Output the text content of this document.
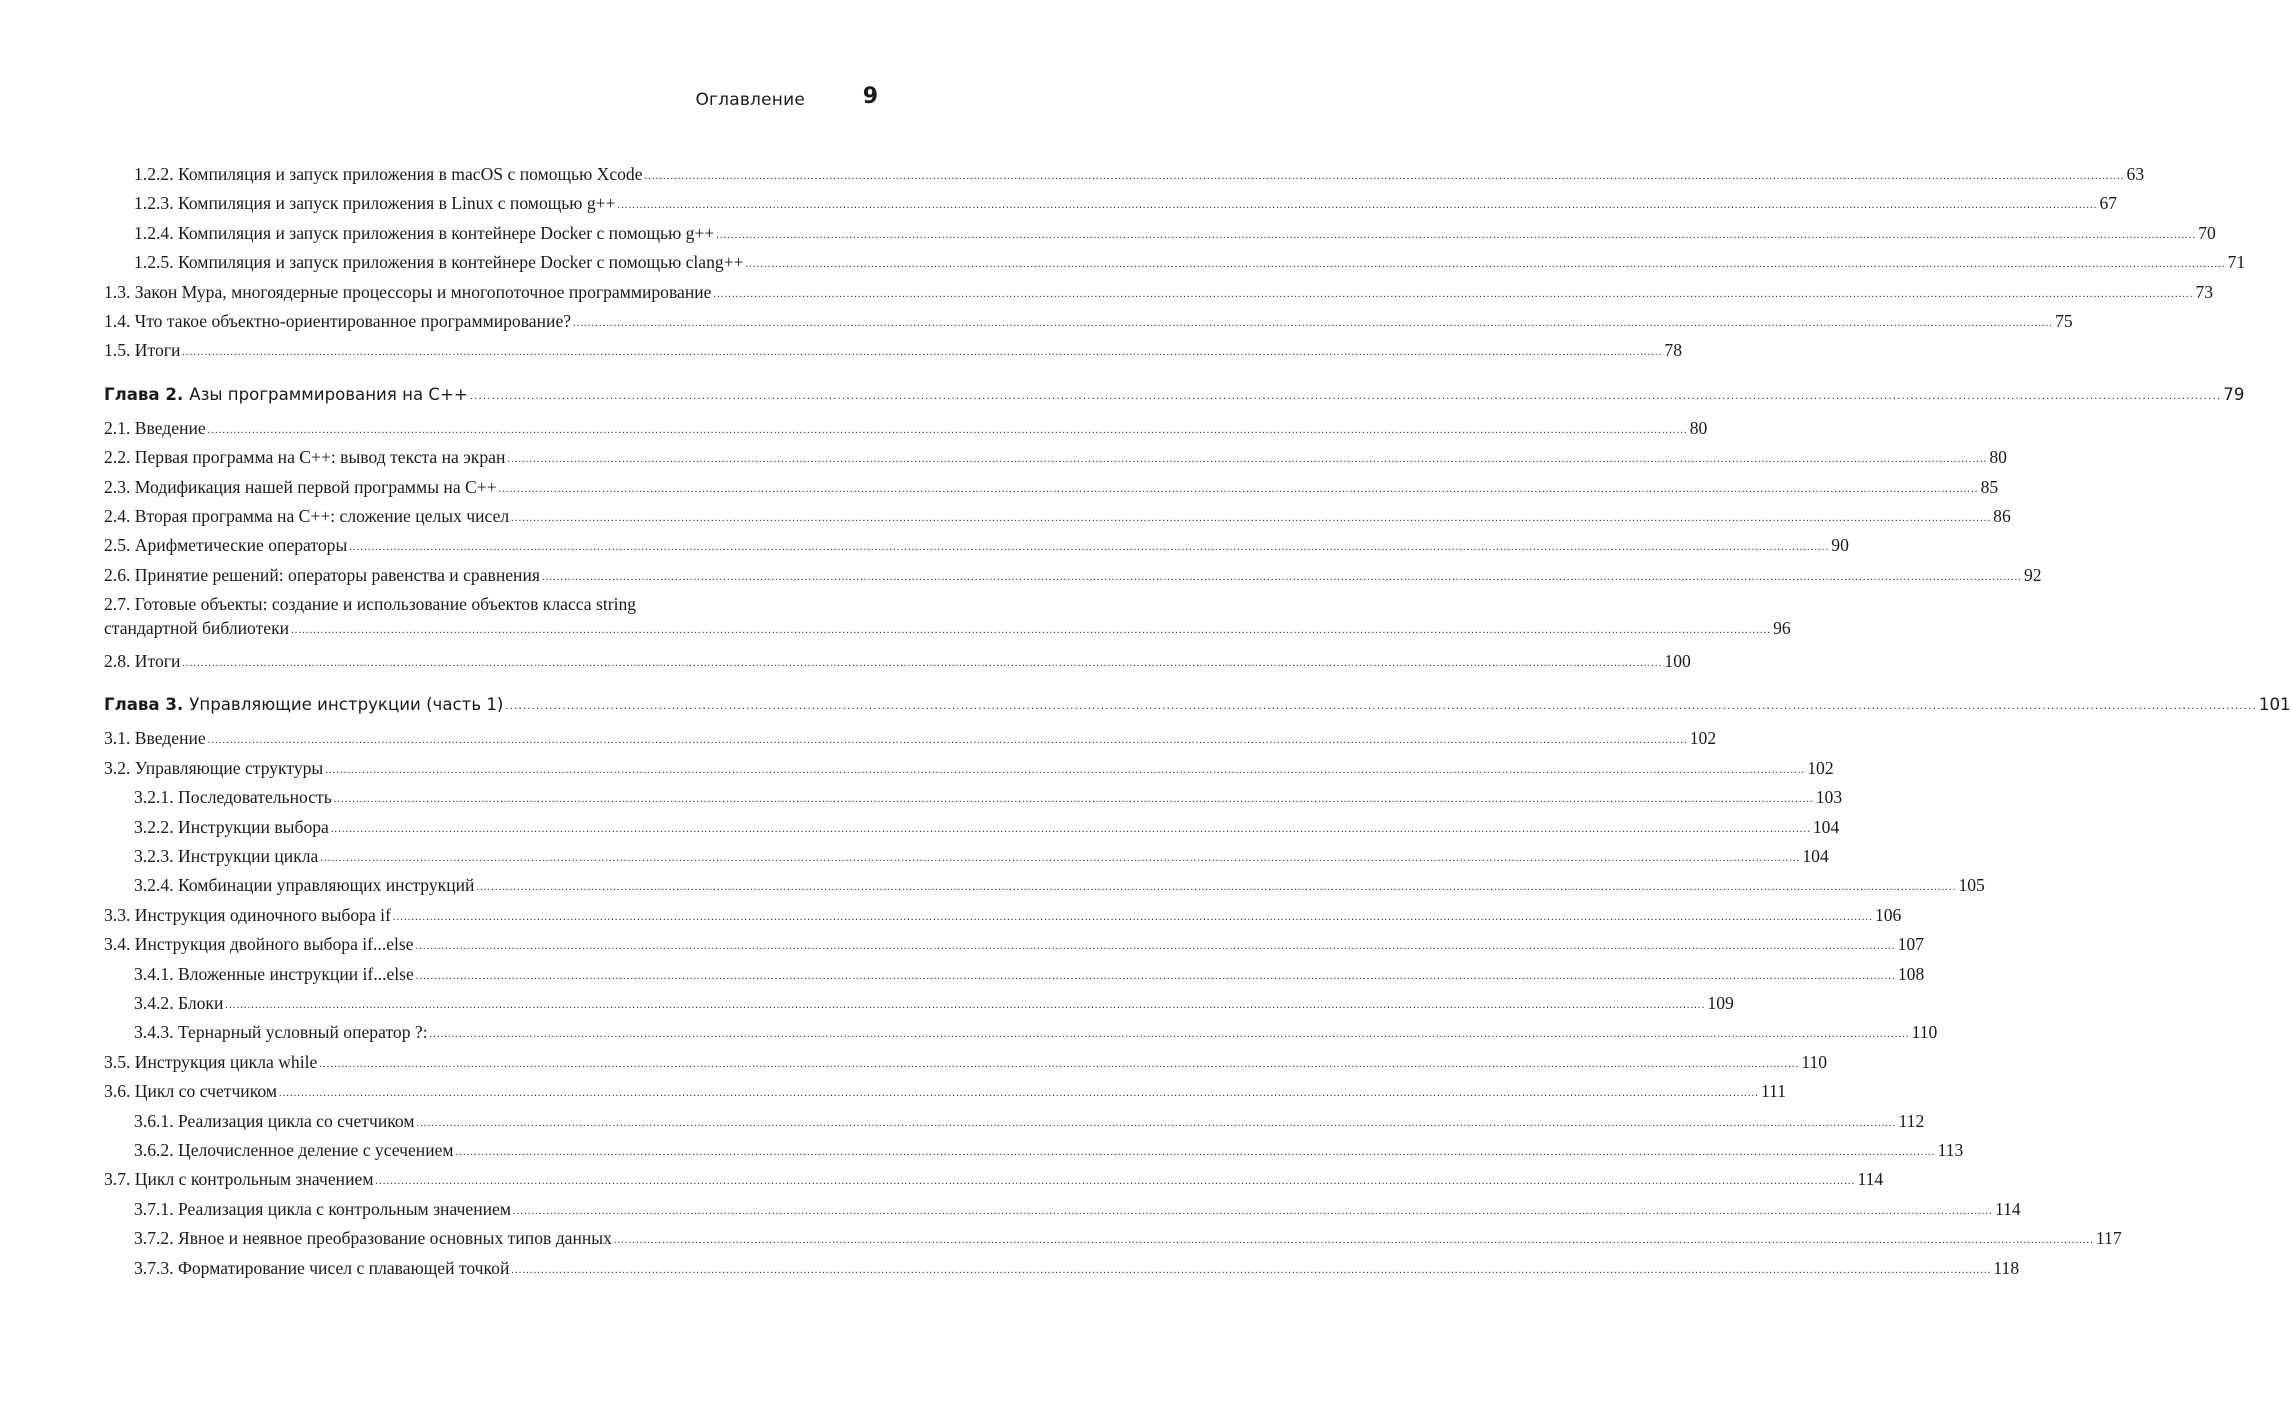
Оглавление	9
1.2.2. Компиляция и запуск приложения в macOS с помощью Xcode ................................................................................................................................................................................................................................................................................................................................................................................................................ 63
1.2.3. Компиляция и запуск приложения в Linux с помощью g++ ................................................................................................................................................................................................................................................................................................................................................................................................................ 67
1.2.4. Компиляция и запуск приложения в контейнере Docker с помощью g++ ................................................................................................................................................................................................................................................................................................................................................................................................................ 70
1.2.5. Компиляция и запуск приложения в контейнере Docker с помощью clang++ ................................................................................................................................................................................................................................................................................................................................................................................................................ 71
1.3. Закон Мура, многоядерные процессоры и многопоточное программирование ................................................................................................................................................................................................................................................................................................................................................................................................................ 73
1.4. Что такое объектно-ориентированное программирование? ................................................................................................................................................................................................................................................................................................................................................................................................................ 75
1.5. Итоги ................................................................................................................................................................................................................................................................................................................................................................................................................ 78
Глава 2. Азы программирования на C++ ................................................................................................................................................................................................................................................................................................................................................................................................................ 79
2.1. Введение ................................................................................................................................................................................................................................................................................................................................................................................................................ 80
2.2. Первая программа на C++: вывод текста на экран ................................................................................................................................................................................................................................................................................................................................................................................................................ 80
2.3. Модификация нашей первой программы на C++ ................................................................................................................................................................................................................................................................................................................................................................................................................ 85
2.4. Вторая программа на C++: сложение целых чисел ................................................................................................................................................................................................................................................................................................................................................................................................................ 86
2.5. Арифметические операторы ................................................................................................................................................................................................................................................................................................................................................................................................................ 90
2.6. Принятие решений: операторы равенства и сравнения ................................................................................................................................................................................................................................................................................................................................................................................................................ 92
2.7. Готовые объекты: создание и использование объектов класса string
стандартной библиотеки ................................................................................................................................................................................................................................................................................................................................................................................................................ 96
2.8. Итоги ................................................................................................................................................................................................................................................................................................................................................................................................................ 100
Глава 3. Управляющие инструкции (часть 1) ................................................................................................................................................................................................................................................................................................................................................................................................................ 101
3.1. Введение ................................................................................................................................................................................................................................................................................................................................................................................................................ 102
3.2. Управляющие структуры ................................................................................................................................................................................................................................................................................................................................................................................................................ 102
3.2.1. Последовательность ................................................................................................................................................................................................................................................................................................................................................................................................................ 103
3.2.2. Инструкции выбора ................................................................................................................................................................................................................................................................................................................................................................................................................ 104
3.2.3. Инструкции цикла ................................................................................................................................................................................................................................................................................................................................................................................................................ 104
3.2.4. Комбинации управляющих инструкций ................................................................................................................................................................................................................................................................................................................................................................................................................ 105
3.3. Инструкция одиночного выбора if ................................................................................................................................................................................................................................................................................................................................................................................................................ 106
3.4. Инструкция двойного выбора if...else ................................................................................................................................................................................................................................................................................................................................................................................................................ 107
3.4.1. Вложенные инструкции if...else ................................................................................................................................................................................................................................................................................................................................................................................................................ 108
3.4.2. Блоки ................................................................................................................................................................................................................................................................................................................................................................................................................ 109
3.4.3. Тернарный условный оператор ?: ................................................................................................................................................................................................................................................................................................................................................................................................................ 110
3.5. Инструкция цикла while ................................................................................................................................................................................................................................................................................................................................................................................................................ 110
3.6. Цикл со счетчиком ................................................................................................................................................................................................................................................................................................................................................................................................................ 111
3.6.1. Реализация цикла со счетчиком ................................................................................................................................................................................................................................................................................................................................................................................................................ 112
3.6.2. Целочисленное деление с усечением ................................................................................................................................................................................................................................................................................................................................................................................................................ 113
3.7. Цикл с контрольным значением ................................................................................................................................................................................................................................................................................................................................................................................................................ 114
3.7.1. Реализация цикла с контрольным значением ................................................................................................................................................................................................................................................................................................................................................................................................................ 114
3.7.2. Явное и неявное преобразование основных типов данных ................................................................................................................................................................................................................................................................................................................................................................................................................ 117
3.7.3. Форматирование чисел с плавающей точкой ................................................................................................................................................................................................................................................................................................................................................................................................................ 118
